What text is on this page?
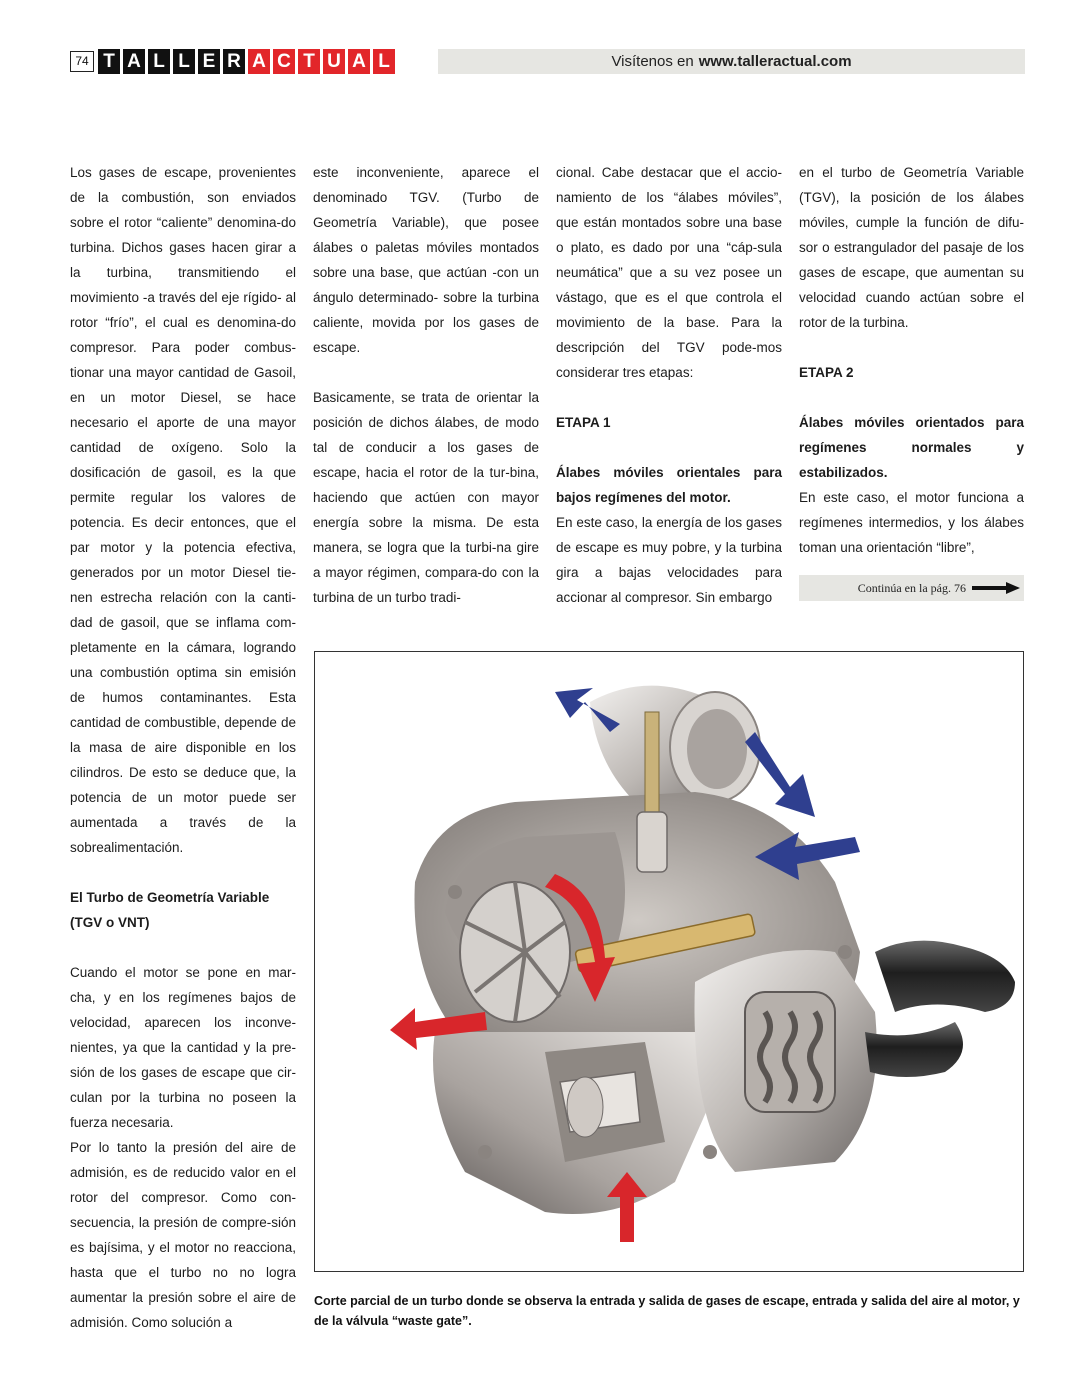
74 T A L L E R A C T U A L	Visítenos en www.talleractual.com

Los gases de escape, provenientes de la combustión, son enviados sobre el rotor “caliente” denomina-do turbina. Dichos gases hacen girar a la turbina, transmitiendo el movimiento -a través del eje rígido- al rotor “frío”, el cual es denomina-do compresor. Para poder combus-tionar una mayor cantidad de Gasoil, en un motor Diesel, se hace necesario el aporte de una mayor cantidad de oxígeno. Solo la dosificación de gasoil, es la que permite regular los valores de potencia. Es decir entonces, que el par motor y la potencia efectiva, generados por un motor Diesel tie-nen estrecha relación con la canti-dad de gasoil, que se inflama com-pletamente en la cámara, logrando una combustión optima sin emisión de humos contaminantes. Esta cantidad de combustible, depende de la masa de aire disponible en los cilindros. De esto se deduce que, la potencia de un motor puede ser aumentada a través de la sobrealimentación.

El Turbo de Geometría Variable
(TGV o VNT)

Cuando el motor se pone en mar-cha, y en los regímenes bajos de velocidad, aparecen los inconve-nientes, ya que la cantidad y la pre-sión de los gases de escape que cir-culan por la turbina no poseen la fuerza necesaria.

Por lo tanto la presión del aire de admisión, es de reducido valor en el rotor del compresor. Como con-secuencia, la presión de compre-sión es bajísima, y el motor no reacciona, hasta que el turbo no no logra aumentar la presión sobre el aire de admisión. Como solución a

este inconveniente, aparece el denominado TGV. (Turbo de Geometría Variable), que posee álabes o paletas móviles montados sobre una base, que actúan -con un ángulo determinado- sobre la turbina caliente, movida por los gases de escape.

Basicamente, se trata de orientar la posición de dichos álabes, de modo tal de conducir a los gases de escape, hacia el rotor de la tur-bina, haciendo que actúen con mayor energía sobre la misma. De esta manera, se logra que la turbi-na gire a mayor régimen, compara-do con la turbina de un turbo tradi-

cional. Cabe destacar que el accio-namiento de los “álabes móviles”, que están montados sobre una base o plato, es dado por una “cáp-sula neumática” que a su vez posee un vástago, que es el que controla el movimiento de la base. Para la descripción del TGV pode-mos considerar tres etapas:

ETAPA 1

Álabes móviles orientales para bajos regímenes del motor.

En este caso, la energía de los gases de escape es muy pobre, y la turbina gira a bajas velocidades para accionar al compresor. Sin embargo

en el turbo de Geometría Variable (TGV), la posición de los álabes móviles, cumple la función de difu-sor o estrangulador del pasaje de los gases de escape, que aumentan su velocidad cuando actúan sobre el rotor de la turbina.

ETAPA 2

Álabes móviles orientados para regímenes normales y estabilizados.

En este caso, el motor funciona a regímenes intermedios, y los álabes toman una orientación “libre”,

Continúa en la pág. 76
Corte parcial de un turbo donde se observa la entrada y salida de gases de escape, entrada y salida del aire al motor, y de la válvula “waste gate”.
